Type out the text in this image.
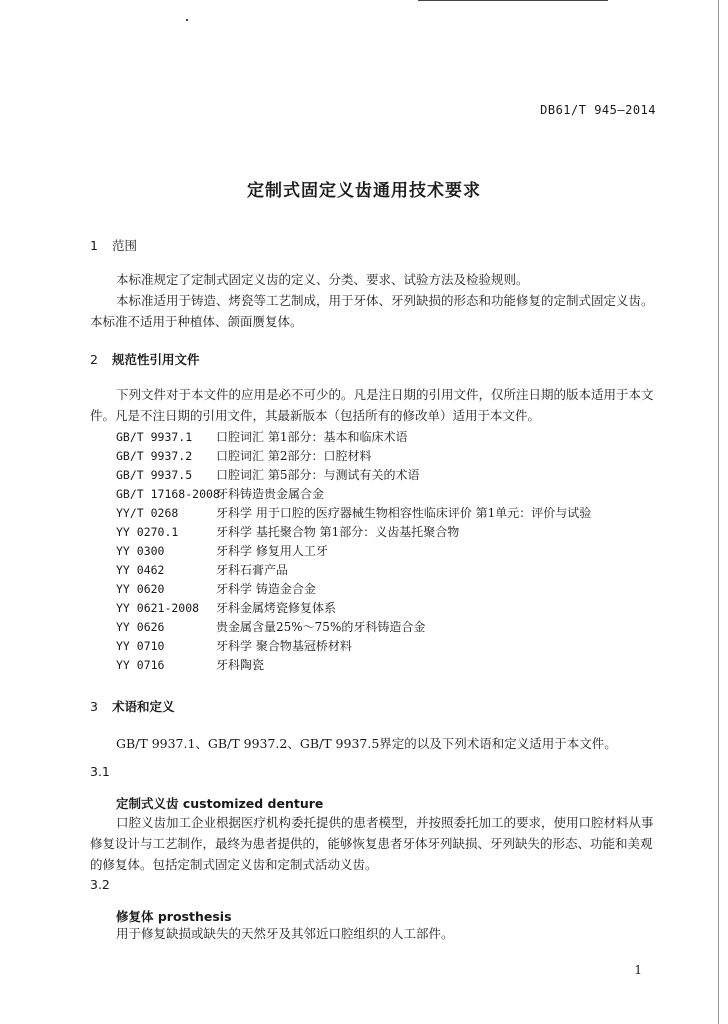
DB61/T 945—2014
定制式固定义齿通用技术要求
1 范围
本标准规定了定制式固定义齿的定义、分类、要求、试验方法及检验规则。
本标准适用于铸造、烤瓷等工艺制成，用于牙体、牙列缺损的形态和功能修复的定制式固定义齿。
本标准不适用于种植体、颌面赝复体。
2 规范性引用文件
下列文件对于本文件的应用是必不可少的。凡是注日期的引用文件，仅所注日期的版本适用于本文
件。凡是不注日期的引用文件，其最新版本（包括所有的修改单）适用于本文件。
GB/T 9937.1 口腔词汇 第1部分：基本和临床术语
GB/T 9937.2 口腔词汇 第2部分：口腔材料
GB/T 9937.5 口腔词汇 第5部分：与测试有关的术语
GB/T 17168-2008牙科铸造贵金属合金
YY/T 0268	牙科学 用于口腔的医疗器械生物相容性临床评价 第1单元：评价与试验
YY 0270.1	牙科学 基托聚合物 第1部分：义齿基托聚合物
YY 0300	牙科学 修复用人工牙
YY 0462	牙科石膏产品
YY 0620	牙科学 铸造金合金
YY 0621-2008 牙科金属烤瓷修复体系
YY 0626	贵金属含量25%～75%的牙科铸造合金
YY 0710	牙科学 聚合物基冠桥材料
YY 0716	牙科陶瓷
3 术语和定义
GB/T 9937.1、GB/T 9937.2、GB/T 9937.5界定的以及下列术语和定义适用于本文件。
3.1
定制式义齿 customized denture
口腔义齿加工企业根据医疗机构委托提供的患者模型，并按照委托加工的要求，使用口腔材料从事
修复设计与工艺制作，最终为患者提供的，能够恢复患者牙体牙列缺损、牙列缺失的形态、功能和美观
的修复体。包括定制式固定义齿和定制式活动义齿。
3.2
修复体 prosthesis
用于修复缺损或缺失的天然牙及其邻近口腔组织的人工部件。
1
